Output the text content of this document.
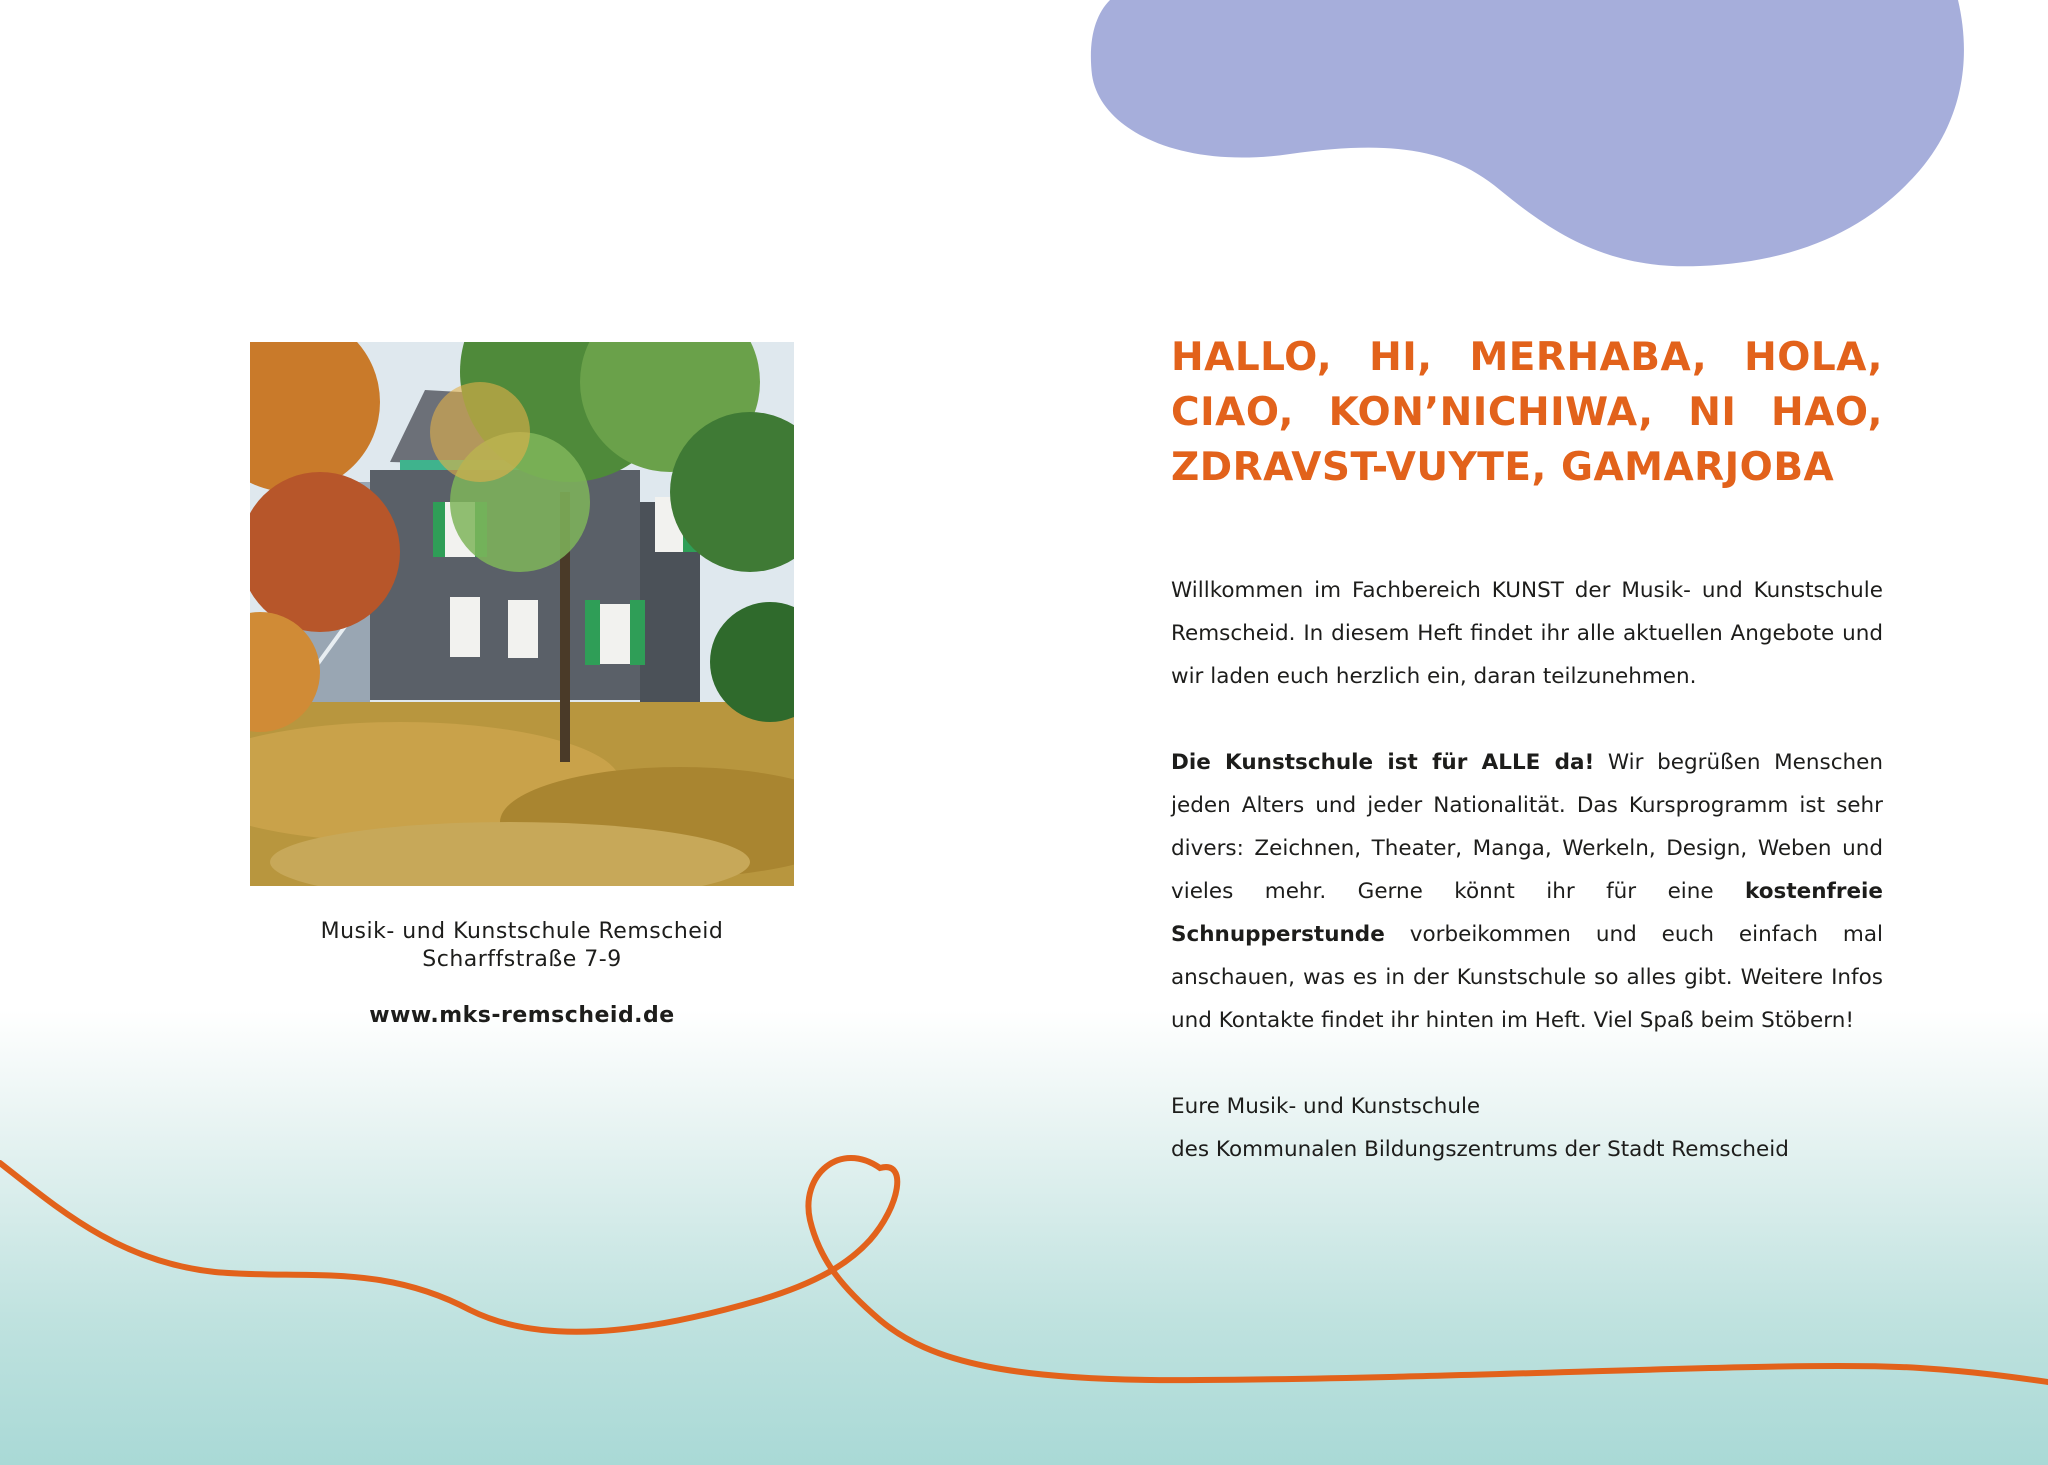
Musik- und Kunstschule Remscheid
Scharffstraße 7-9
www.mks-remscheid.de
HALLO, HI, MERHABA, HOLA, CIAO, KON’NICHIWA, NI HAO, ZDRAVST-VUYTE, GAMARJOBA

Willkommen im Fachbereich KUNST der Musik- und Kunstschule Remscheid. In diesem Heft findet ihr alle aktuellen Angebote und wir laden euch herzlich ein, daran teilzunehmen.

Die Kunstschule ist für ALLE da! Wir begrüßen Menschen jeden Alters und jeder Nationalität. Das Kursprogramm ist sehr divers: Zeichnen, Theater, Manga, Werkeln, Design, Weben und vieles mehr. Gerne könnt ihr für eine kostenfreie Schnupperstunde vorbeikommen und euch einfach mal anschauen, was es in der Kunstschule so alles gibt. Weitere Infos und Kontakte findet ihr hinten im Heft. Viel Spaß beim Stöbern!

Eure Musik- und Kunstschule
des Kommunalen Bildungszentrums der Stadt Remscheid
